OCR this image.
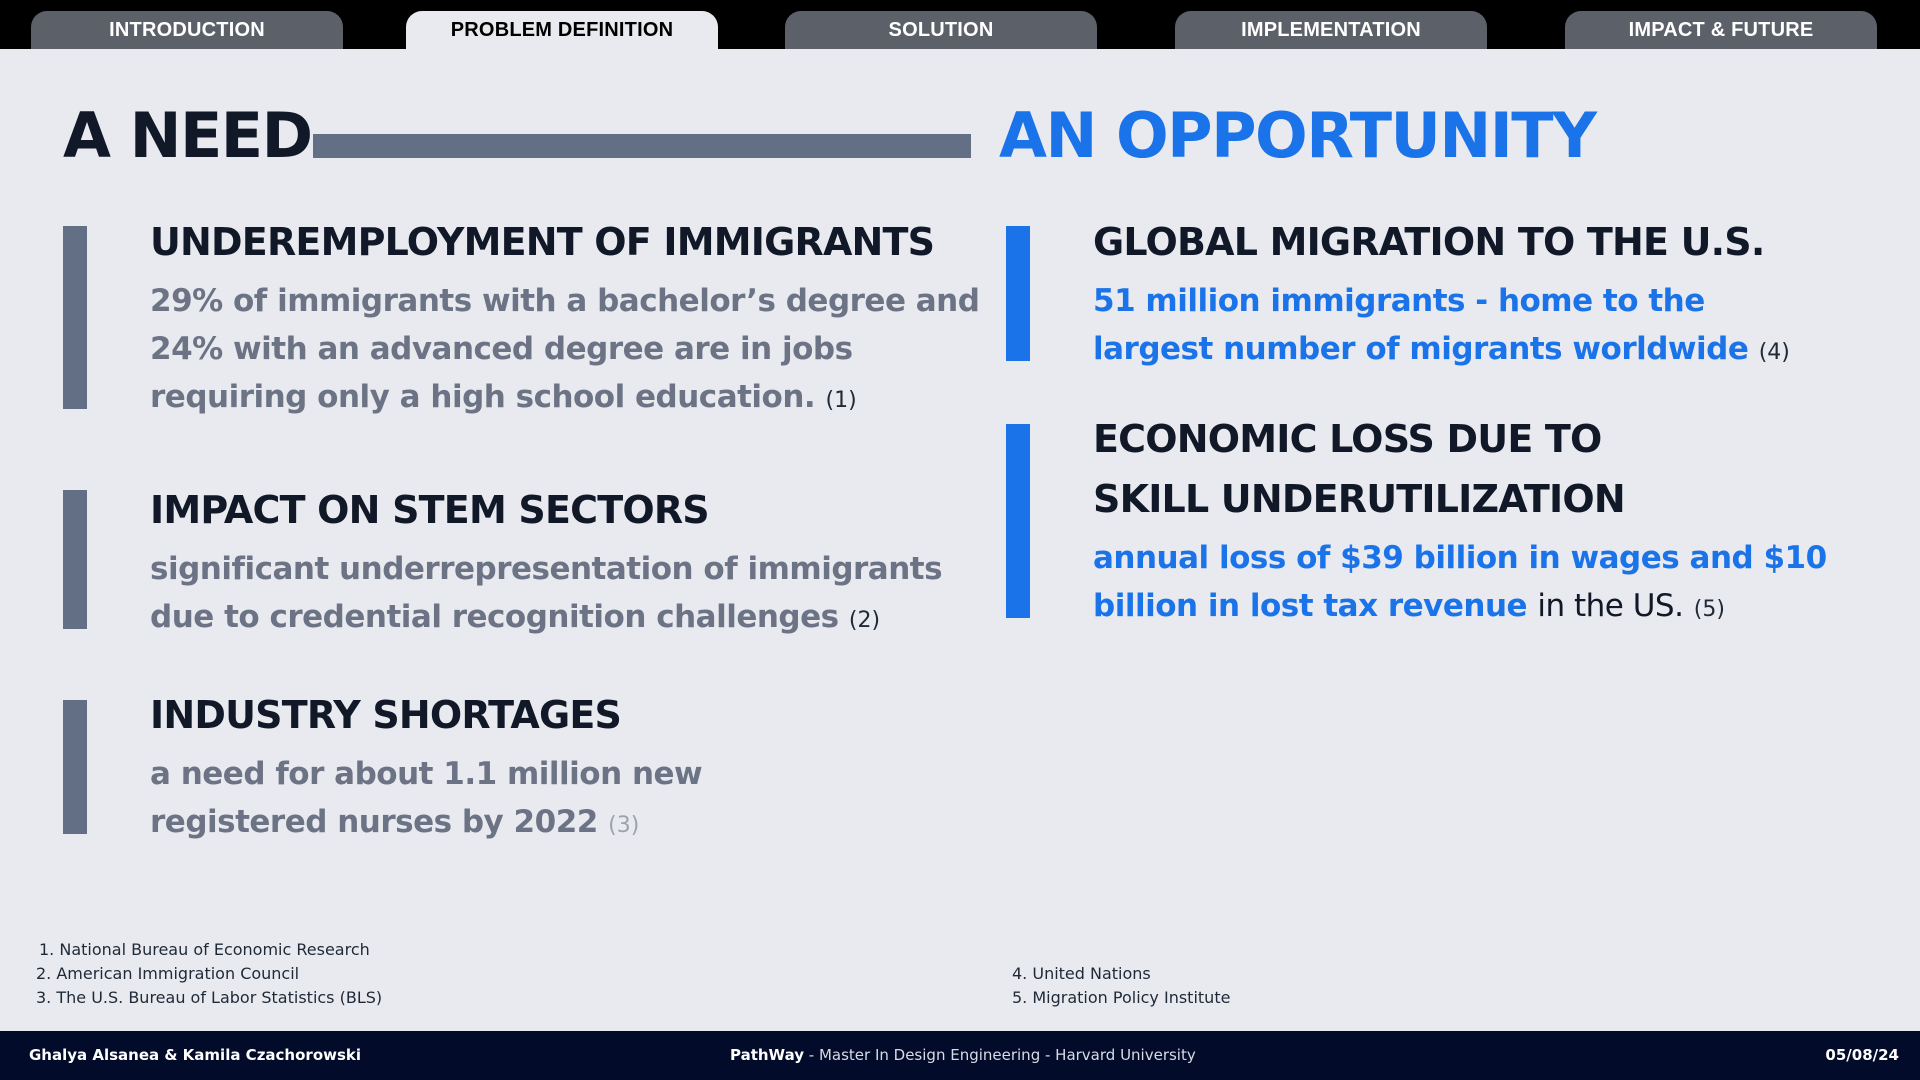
INTRODUCTION	PROBLEM DEFINITION	SOLUTION	IMPLEMENTATION	IMPACT & FUTURE
A NEED	AN OPPORTUNITY
UNDEREMPLOYMENT OF IMMIGRANTS
29% of immigrants with a bachelor’s degree and
24% with an advanced degree are in jobs
requiring only a high school education. (1)
IMPACT ON STEM SECTORS
significant underrepresentation of immigrants
due to credential recognition challenges (2)
INDUSTRY SHORTAGES
a need for about 1.1 million new
registered nurses by 2022 (3)
GLOBAL MIGRATION TO THE U.S.
51 million immigrants - home to the
largest number of migrants worldwide (4)
ECONOMIC LOSS DUE TO
SKILL UNDERUTILIZATION
annual loss of $39 billion in wages and $10
billion in lost tax revenue in the US. (5)
1. National Bureau of Economic Research
2. American Immigration Council
3. The U.S. Bureau of Labor Statistics (BLS)
4. United Nations
5. Migration Policy Institute
Ghalya Alsanea & Kamila Czachorowski	PathWay - Master In Design Engineering - Harvard University	05/08/24
